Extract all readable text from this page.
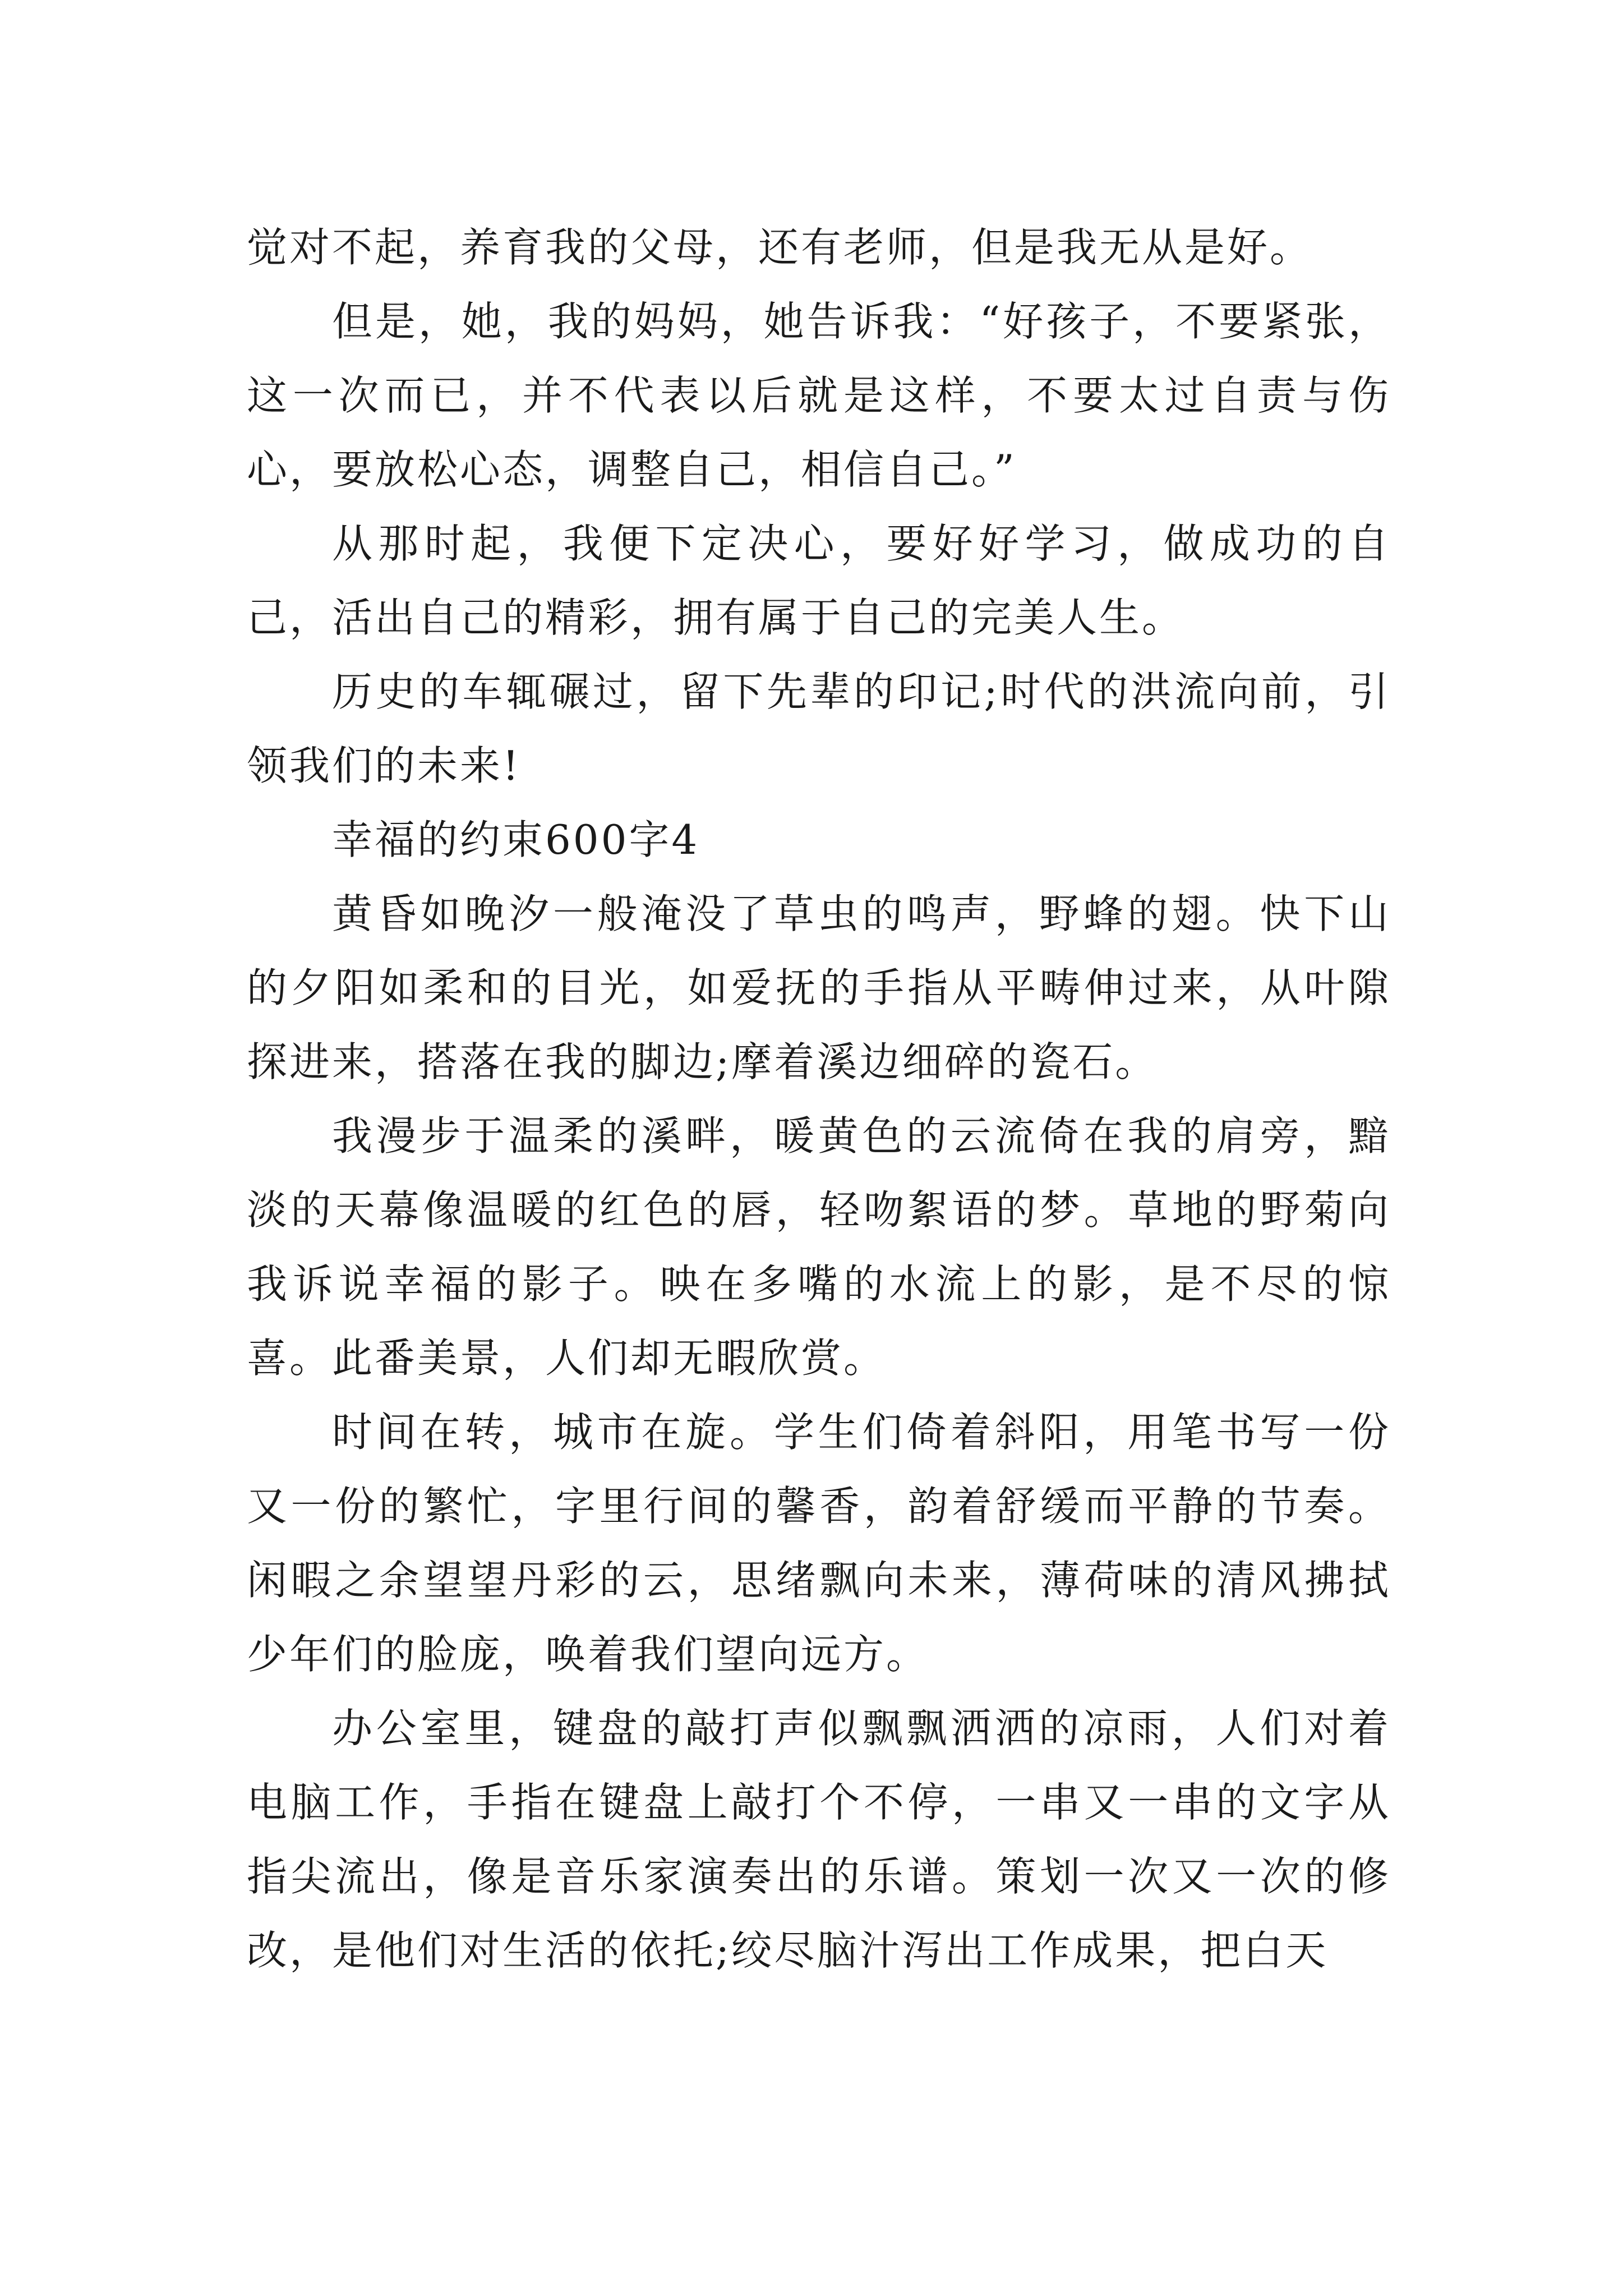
觉对不起，养育我的父母，还有老师，但是我无从是好。

但是，她，我的妈妈，她告诉我：“好孩子，不要紧张，这一次而已，并不代表以后就是这样，不要太过自责与伤心，要放松心态，调整自己，相信自己。”

从那时起，我便下定决心，要好好学习，做成功的自己，活出自己的精彩，拥有属于自己的完美人生。

历史的车辄碾过，留下先辈的印记;时代的洪流向前，引领我们的未来!

幸福的约束600字4

黄昏如晚汐一般淹没了草虫的鸣声，野蜂的翅。快下山的夕阳如柔和的目光，如爱抚的手指从平畴伸过来，从叶隙探进来，搭落在我的脚边;摩着溪边细碎的瓷石。

我漫步于温柔的溪畔，暖黄色的云流倚在我的肩旁，黯淡的天幕像温暖的红色的唇，轻吻絮语的梦。草地的野菊向我诉说幸福的影子。映在多嘴的水流上的影，是不尽的惊喜。此番美景，人们却无暇欣赏。

时间在转，城市在旋。学生们倚着斜阳，用笔书写一份又一份的繁忙，字里行间的馨香，韵着舒缓而平静的节奏。闲暇之余望望丹彩的云，思绪飘向未来，薄荷味的清风拂拭少年们的脸庞，唤着我们望向远方。

办公室里，键盘的敲打声似飘飘洒洒的凉雨，人们对着电脑工作，手指在键盘上敲打个不停，一串又一串的文字从指尖流出，像是音乐家演奏出的乐谱。策划一次又一次的修改，是他们对生活的依托;绞尽脑汁泻出工作成果，把白天
